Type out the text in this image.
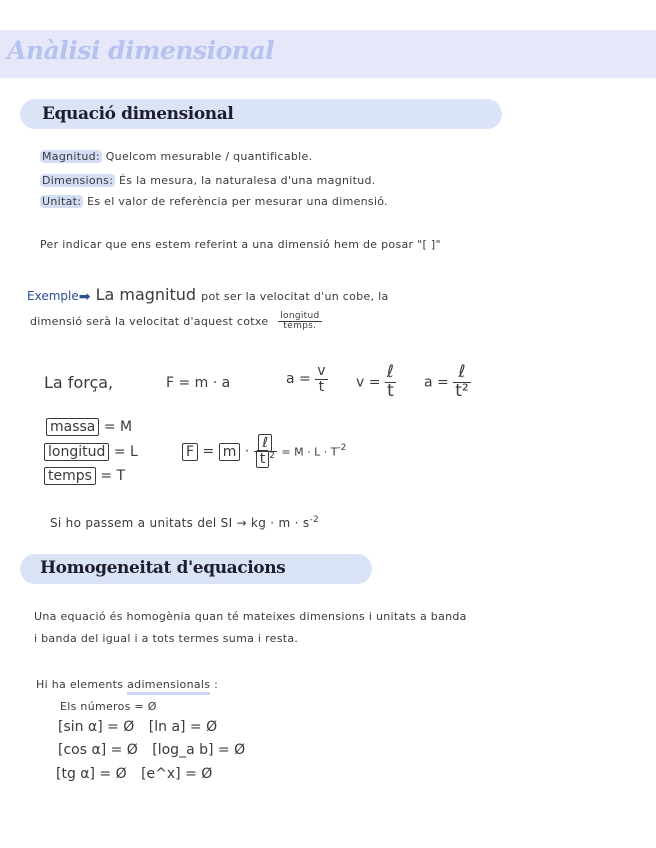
Anàlisi dimensional
Equació dimensional
Magnitud: Quelcom mesurable / quantificable.
Dimensions: És la mesura, la naturalesa d'una magnitud.
Unitat: Es el valor de referència per mesurar una dimensió.
Per indicar que ens estem referint a una dimensió hem de posar "[ ]"
Exemple➡ La magnitud pot ser la velocitat d'un cobe, la
dimensió serà la velocitat d'aquest cotxe $\frac{\text{longitud}}{\text{temps.}}$
La força,	F = m · a	$a = \frac{v}{t}$ $v = \frac{\text{ℓ}}{t}$ $a = \frac{\text{ℓ}}{\text{t²}}$
massa = M
longitud = L
temps = T
$F = m \cdot \frac{\text{ℓ}}{t ^2} = M \cdot L \cdot T^{-2}$
Si ho passem a unitats del SI → kg · $m \cdot s^{-2}$
Homogeneitat d'equacions
Una equació és homogènia quan té mateixes dimensions i unitats a banda
i banda del igual i a tots termes suma i resta.
Hi ha elements adimensionals :
Els números = Ø
[sin α] = Ø [ln a] = Ø
[cos α] = Ø [log_a b] = Ø
[tg α] = Ø [e^x] = Ø
